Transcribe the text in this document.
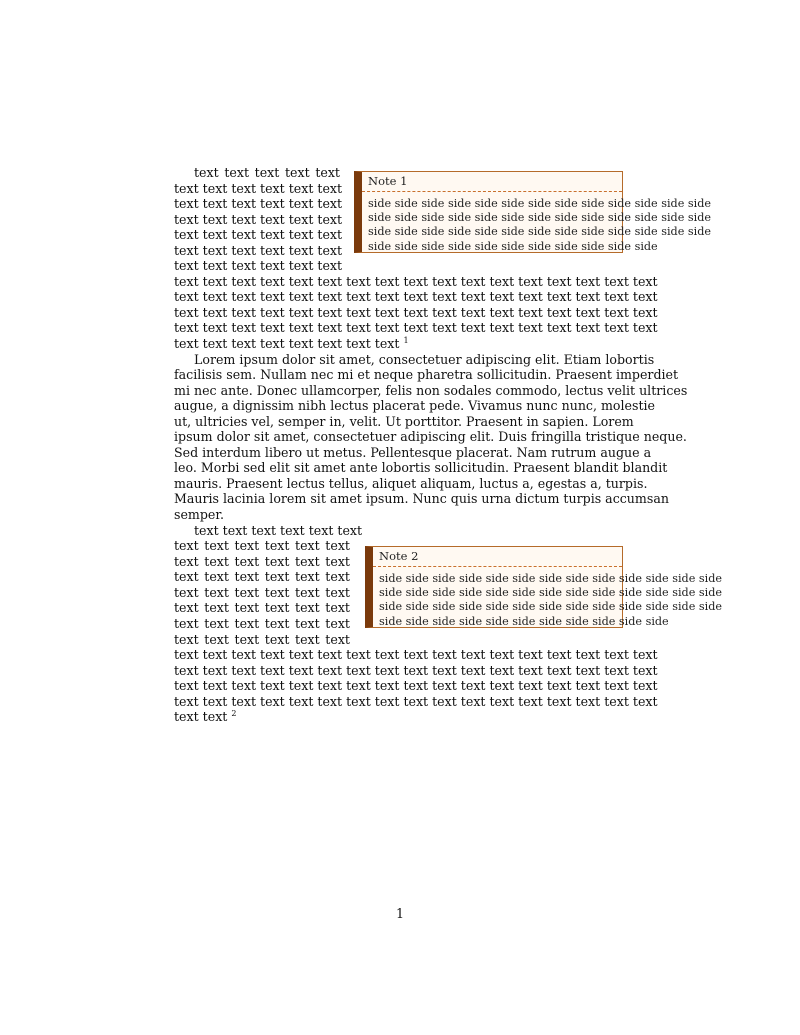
text text text text text

text text text text text text

text text text text text text

text text text text text text

text text text text text text

text text text text text text

text text text text text text

text text text text text text text text text text text text text text text text text

text text text text text text text text text text text text text text text text text

text text text text text text text text text text text text text text text text text

text text text text text text text text text text text text text text text text text

text text text text text text text text $^1$

Note 1
side side side side side side side side side side side side side
side side side side side side side side side side side side side
side side side side side side side side side side side side side
side side side side side side side side side side side

Lorem ipsum dolor sit amet, consectetuer adipiscing elit. Etiam lobortis

facilisis sem. Nullam nec mi et neque pharetra sollicitudin. Praesent imperdiet

mi nec ante. Donec ullamcorper, felis non sodales commodo, lectus velit ultrices

augue, a dignissim nibh lectus placerat pede. Vivamus nunc nunc, molestie

ut, ultricies vel, semper in, velit. Ut porttitor. Praesent in sapien. Lorem

ipsum dolor sit amet, consectetuer adipiscing elit. Duis fringilla tristique neque.

Sed interdum libero ut metus. Pellentesque placerat. Nam rutrum augue a

leo. Morbi sed elit sit amet ante lobortis sollicitudin. Praesent blandit blandit

mauris. Praesent lectus tellus, aliquet aliquam, luctus a, egestas a, turpis.

Mauris lacinia lorem sit amet ipsum. Nunc quis urna dictum turpis accumsan

semper.

text text text text text text

text text text text text text

text text text text text text

text text text text text text

text text text text text text

text text text text text text

text text text text text text

text text text text text text

text text text text text text text text text text text text text text text text text

text text text text text text text text text text text text text text text text text

text text text text text text text text text text text text text text text text text

text text text text text text text text text text text text text text text text text

text text $^2$

Note 2
side side side side side side side side side side side side side
side side side side side side side side side side side side side
side side side side side side side side side side side side side
side side side side side side side side side side side
1
